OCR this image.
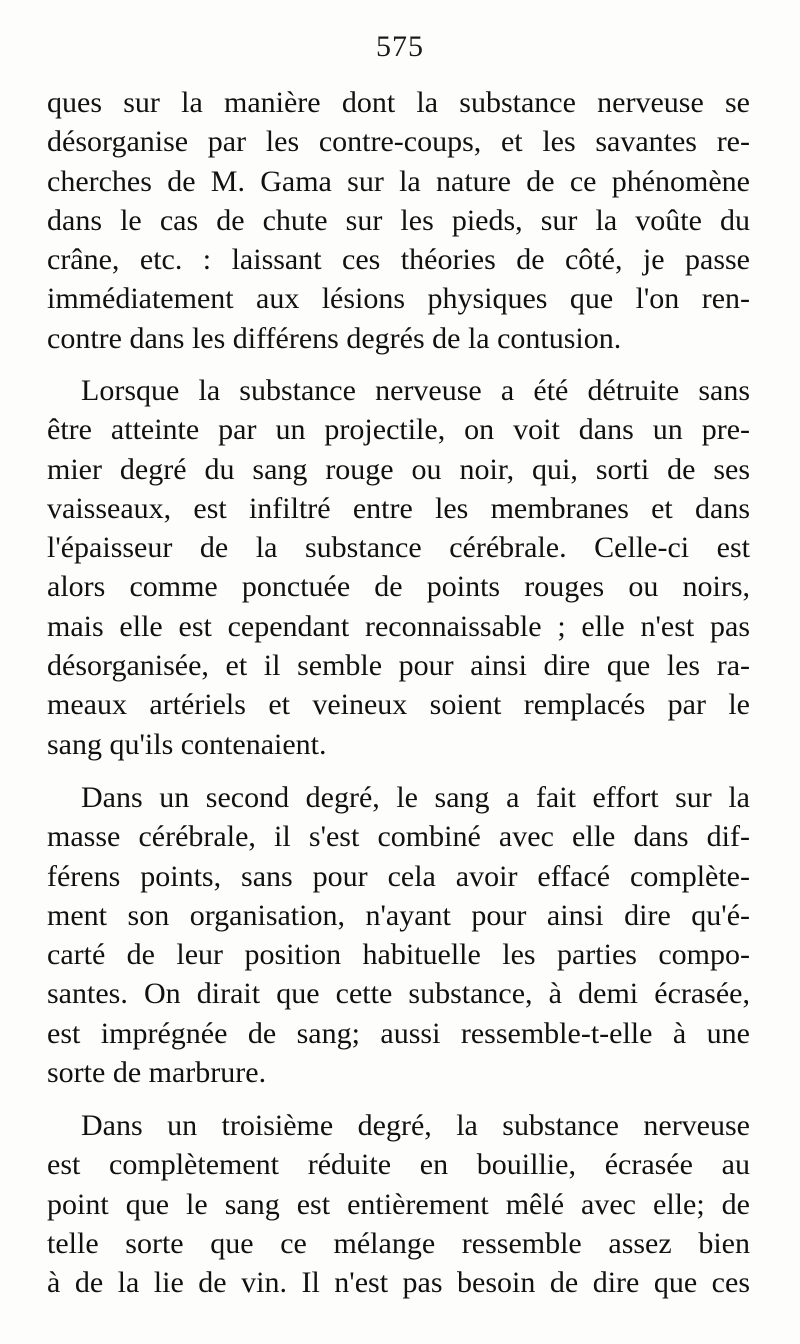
575
ques sur la manière dont la substance nerveuse se
désorganise par les contre-coups, et les savantes re-
cherches de M. Gama sur la nature de ce phénomène
dans le cas de chute sur les pieds, sur la voûte du
crâne, etc. : laissant ces théories de côté, je passe
immédiatement aux lésions physiques que l'on ren-
contre dans les différens degrés de la contusion.
Lorsque la substance nerveuse a été détruite sans
être atteinte par un projectile, on voit dans un pre-
mier degré du sang rouge ou noir, qui, sorti de ses
vaisseaux, est infiltré entre les membranes et dans
l'épaisseur de la substance cérébrale. Celle-ci est
alors comme ponctuée de points rouges ou noirs,
mais elle est cependant reconnaissable ; elle n'est pas
désorganisée, et il semble pour ainsi dire que les ra-
meaux artériels et veineux soient remplacés par le
sang qu'ils contenaient.
Dans un second degré, le sang a fait effort sur la
masse cérébrale, il s'est combiné avec elle dans dif-
férens points, sans pour cela avoir effacé complète-
ment son organisation, n'ayant pour ainsi dire qu'é-
carté de leur position habituelle les parties compo-
santes. On dirait que cette substance, à demi écrasée,
est imprégnée de sang; aussi ressemble-t-elle à une
sorte de marbrure.
Dans un troisième degré, la substance nerveuse
est complètement réduite en bouillie, écrasée au
point que le sang est entièrement mêlé avec elle; de
telle sorte que ce mélange ressemble assez bien
à de la lie de vin. Il n'est pas besoin de dire que ces
